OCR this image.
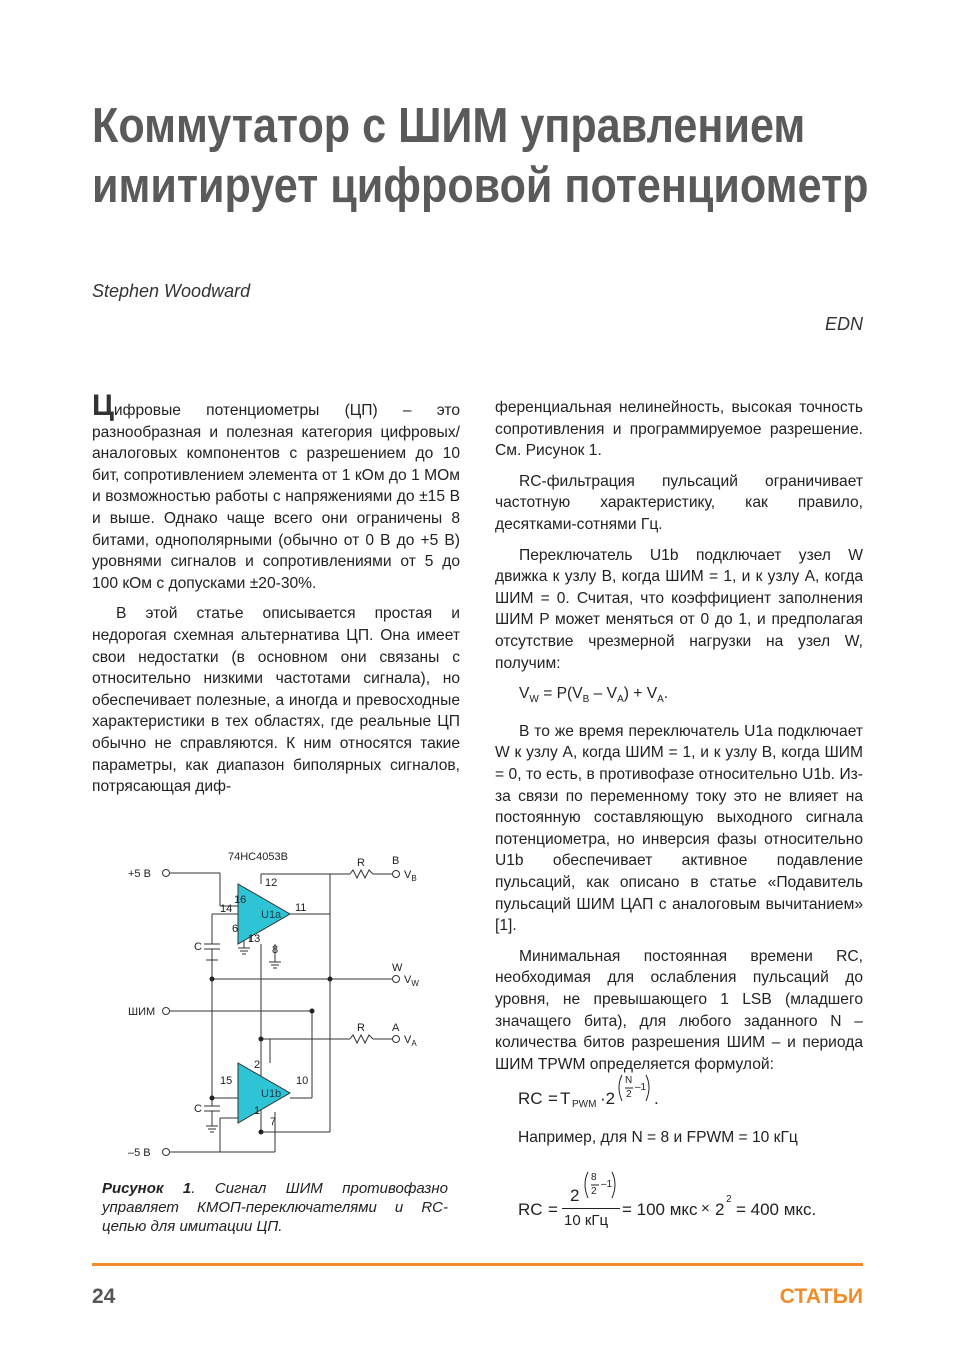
Коммутатор с ШИМ управлением
имитирует цифровой потенциометр
Stephen Woodward
EDN

Цифровые потенциометры (ЦП) – это разнообразная и полезная категория цифровых/аналоговых компонентов с разрешением до 10 бит, сопротивлением элемента от 1 кОм до 1 МОм и возможностью работы с напряжениями до ±15 В и выше. Однако чаще всего они ограничены 8 битами, однополярными (обычно от 0 В до +5 В) уровнями сигналов и сопротивлениями от 5 до 100 кОм с допусками ±20-30%.

В этой статье описывается простая и недорогая схемная альтернатива ЦП. Она имеет свои недостатки (в основном они связаны с относительно низкими частотами сигнала), но обеспечивает полезные, а иногда и превосходные характеристики в тех областях, где реальные ЦП обычно не справляются. К ним относятся такие параметры, как диапазон биполярных сигналов, потрясающая диф-

ференциальная нелинейность, высокая точность сопротивления и программируемое разрешение. См. Рисунок 1.

RC-фильтрация пульсаций ограничивает частотную характеристику, как правило, десятками-сотнями Гц.

Переключатель U1b подключает узел W движка к узлу B, когда ШИМ = 1, и к узлу A, когда ШИМ = 0. Считая, что коэффициент заполнения ШИМ P может меняться от 0 до 1, и предполагая отсутствие чрезмерной нагрузки на узел W, получим:

$V_W = P(V_B - V_A) + V_A$.

В то же время переключатель U1a подключает W к узлу A, когда ШИМ = 1, и к узлу B, когда ШИМ = 0, то есть, в противофазе относительно U1b. Из-за связи по переменному току это не влияет на постоянную составляющую выходного сигнала потенциометра, но инверсия фазы относительно U1b обеспечивает активное подавление пульсаций, как описано в статье «Подавитель пульсаций ШИМ ЦАП с аналоговым вычитанием» [1].

Минимальная постоянная времени RC, необходимая для ослабления пульсаций до уровня, не превышающего 1 LSB (младшего значащего бита), для любого заданного N – количества битов разрешения ШИМ – и периода ШИМ TPWM определяется формулой:

RC = T PWM ·2
N
2
–1
.
Например, для N = 8 и FPWM = 10 кГц
RC =
2
8
2
–1
10 кГц
= 100 мкс × 2
2
= 400 мкс.
74HC4053B
+5 В
–5 В
ШИМ
C
C
U1a
U1b
R
R
B
A
W
$V_B$
$V_W$
$V_A$
16
14
12
11
6
13
8
2
15	10
1
7
Рисунок 1. Сигнал ШИМ противофазно управляет КМОП-переключателями и RC-цепью для имитации ЦП.
24	СТАТЬИ
